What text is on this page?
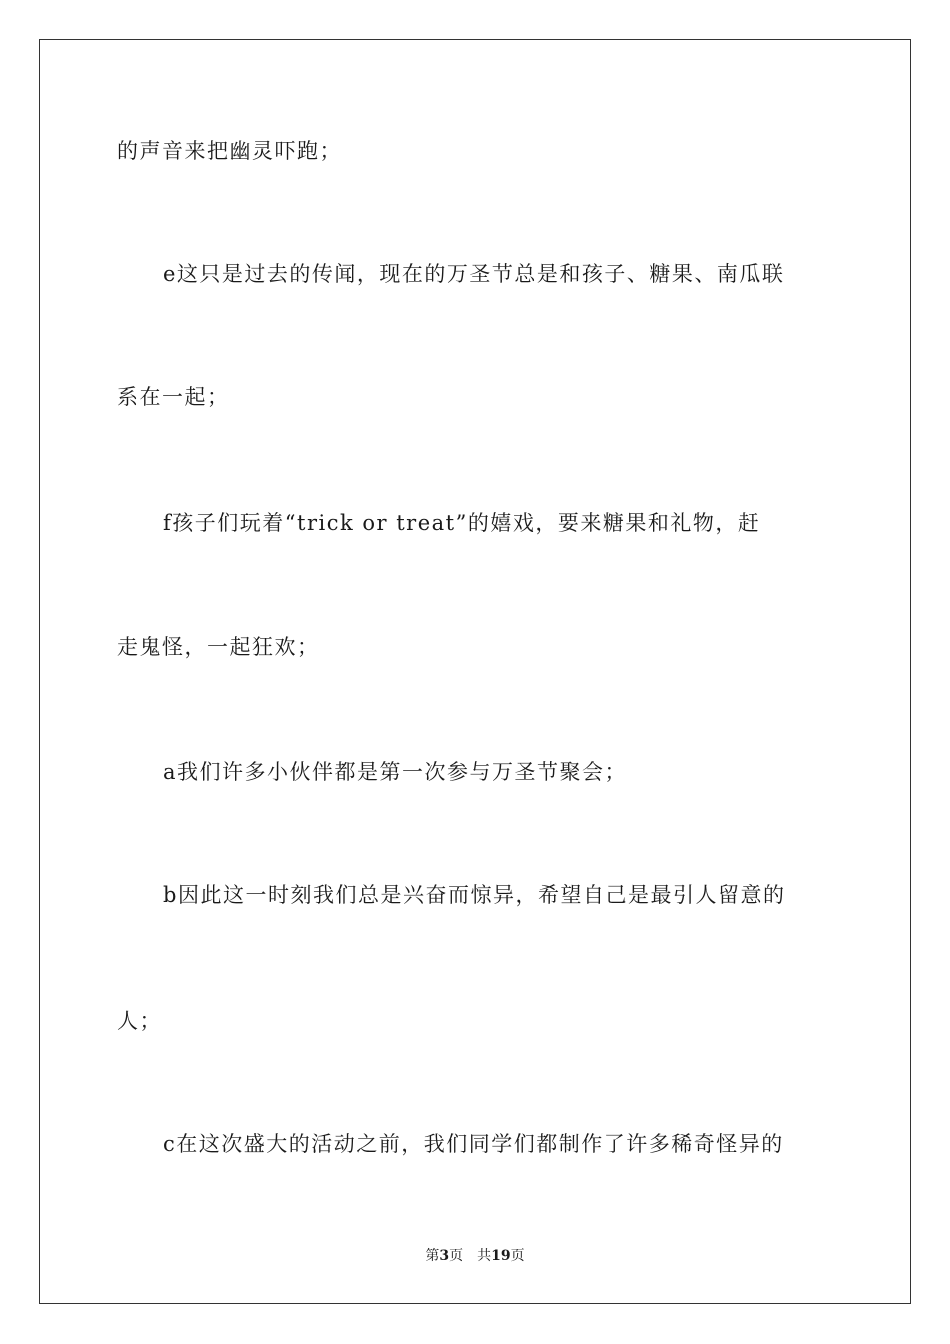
的声音来把幽灵吓跑；
e这只是过去的传闻，现在的万圣节总是和孩子、糖果、南瓜联
系在一起；
f孩子们玩着“trick or treat”的嬉戏，要来糖果和礼物，赶
走鬼怪，一起狂欢；
a我们许多小伙伴都是第一次参与万圣节聚会；
b因此这一时刻我们总是兴奋而惊异，希望自己是最引人留意的
人；
c在这次盛大的活动之前，我们同学们都制作了许多稀奇怪异的
第3页 共19页
